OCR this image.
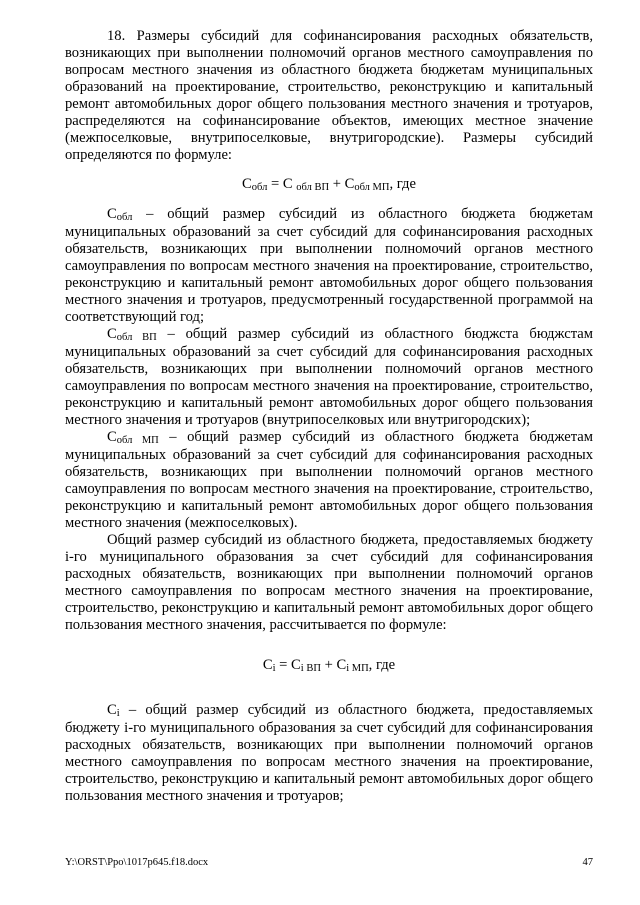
18. Размеры субсидий для софинансирования расходных обязательств, возникающих при выполнении полномочий органов местного самоуправления по вопросам местного значения из областного бюджета бюджетам муниципальных образований на проектирование, строительство, реконструкцию и капитальный ремонт автомобильных дорог общего пользования местного значения и тротуаров, распределяются на софинансирование объектов, имеющих местное значение (межпоселковые, внутрипоселковые, внутригородские). Размеры субсидий определяются по формуле:

Собл = С обл ВП + Собл МП, где

Собл – общий размер субсидий из областного бюджета бюджетам муниципальных образований за счет субсидий для софинансирования расходных обязательств, возникающих при выполнении полномочий органов местного самоуправления по вопросам местного значения на проектирование, строительство, реконструкцию и капитальный ремонт автомобильных дорог общего пользования местного значения и тротуаров, предусмотренный государственной программой на соответствующий год;

Собл ВП – общий размер субсидий из областного бюджста бюджстам муниципальных образований за счет субсидий для софинансирования расходных обязательств, возникающих при выполнении полномочий органов местного самоуправления по вопросам местного значения на проектирование, строительство, реконструкцию и капитальный ремонт автомобильных дорог общего пользования местного значения и тротуаров (внутрипоселковых или внутригородских);

Собл МП – общий размер субсидий из областного бюджета бюджетам муниципальных образований за счет субсидий для софинансирования расходных обязательств, возникающих при выполнении полномочий органов местного самоуправления по вопросам местного значения на проектирование, строительство, реконструкцию и капитальный ремонт автомобильных дорог общего пользования местного значения (межпоселковых).

Общий размер субсидий из областного бюджета, предоставляемых бюджету i-го муниципального образования за счет субсидий для софинансирования расходных обязательств, возникающих при выполнении полномочий органов местного самоуправления по вопросам местного значения на проектирование, строительство, реконструкцию и капитальный ремонт автомобильных дорог общего пользования местного значения, рассчитывается по формуле:

Сi = Сi ВП + Сi МП, где

Сi – общий размер субсидий из областного бюджета, предоставляемых бюджету i-го муниципального образования за счет субсидий для софинансирования расходных обязательств, возникающих при выполнении полномочий органов местного самоуправления по вопросам местного значения на проектирование, строительство, реконструкцию и капитальный ремонт автомобильных дорог общего пользования местного значения и тротуаров;

Y:\ORST\Ppo\1017p645.f18.docx	47
